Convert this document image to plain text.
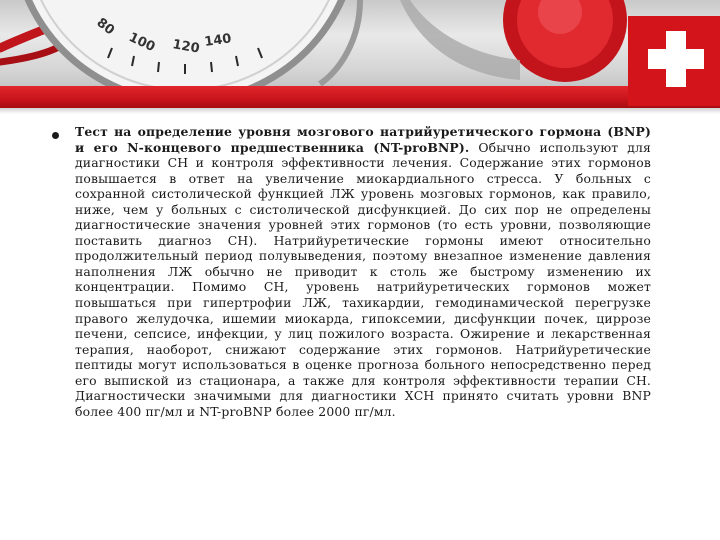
100
80
120 140

Тест на определение уровня мозгового натрийуретического гормона (BNP) и его N-концевого предшественника (NT-proBNP). Обычно используют для диагностики СН и контроля эффективности лечения. Содержание этих гормонов повышается в ответ на увеличение миокардиального стресса. У больных с сохранной систолической функцией ЛЖ уровень мозговых гормонов, как правило, ниже, чем у больных с систолической дисфункцией. До сих пор не определены диагностические значения уровней этих гормонов (то есть уровни, позволяющие поставить диагноз СН). Натрийуретические гормоны имеют относительно продолжительный период полувыведения, поэтому внезапное изменение давления наполнения ЛЖ обычно не приводит к столь же быстрому изменению их концентрации. Помимо СН, уровень натрийуретических гормонов может повышаться при гипертрофии ЛЖ, тахикардии, гемодинамической перегрузке правого желудочка, ишемии миокарда, гипоксемии, дисфункции почек, циррозе печени, сепсисе, инфекции, у лиц пожилого возраста. Ожирение и лекарственная терапия, наоборот, снижают содержание этих гормонов. Натрийуретические пептиды могут использоваться в оценке прогноза больного непосредственно перед его выпиской из стационара, а также для контроля эффективности терапии СН. Диагностически значимыми для диагностики ХСН принято считать уровни BNP более 400 пг/мл и NT-proBNP более 2000 пг/мл.
